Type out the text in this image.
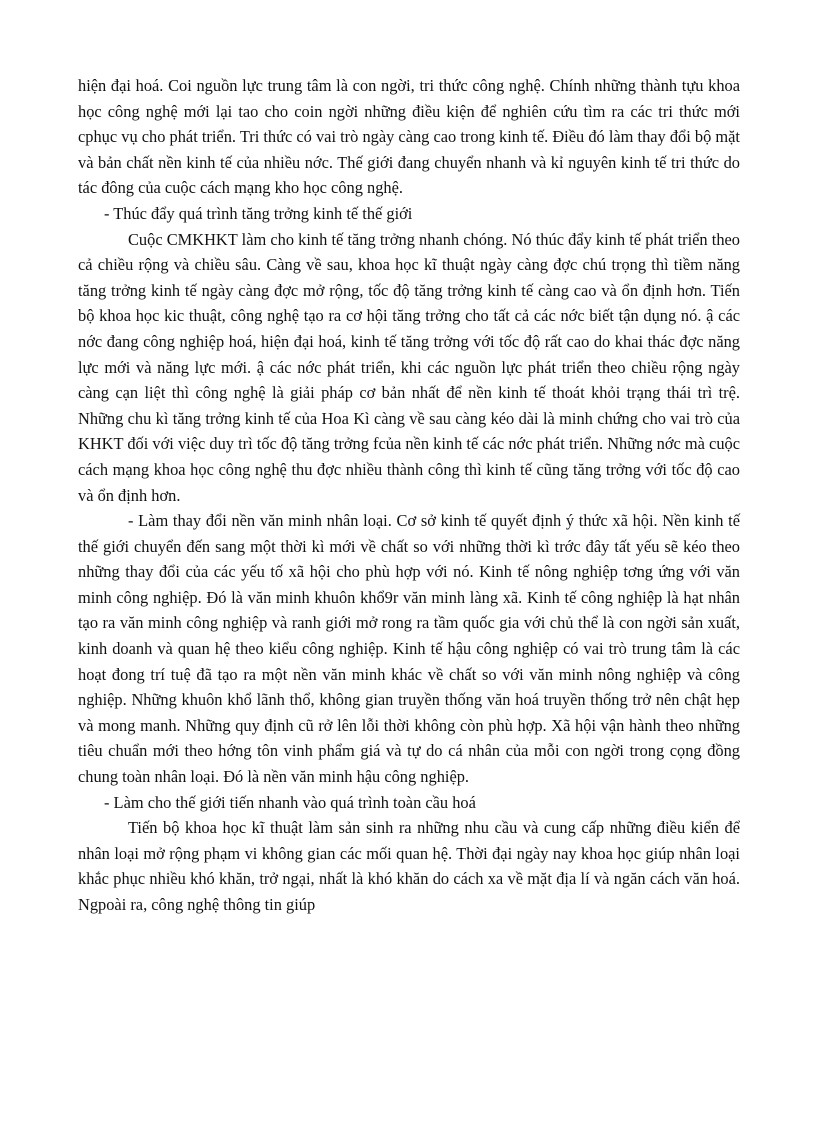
hiện đại hoá. Coi nguồn lực trung tâm là con ngời, tri thức công nghệ. Chính những thành tựu khoa học công nghệ mới lại tao cho coin ngời những điều kiện để nghiên cứu tìm ra các tri thức mới cphục vụ cho phát triển. Tri thức có vai trò ngày càng cao trong kinh tế. Điều đó làm thay đổi bộ mặt và bản chất nền kinh tế của nhiều nớc. Thế giới đang chuyển nhanh và kỉ nguyên kinh tế tri thức do tác đông của cuộc cách mạng kho học công nghệ.

- Thúc đẩy quá trình tăng trởng kinh tế thế giới

Cuộc CMKHKT làm cho kinh tế tăng trởng nhanh chóng. Nó thúc đẩy kinh tế phát triển theo cả chiều rộng và chiều sâu. Càng về sau, khoa học kĩ thuật ngày càng đợc chú trọng thì tiềm năng tăng trởng kinh tế ngày càng đợc mở rộng, tốc độ tăng trởng kinh tế càng cao và ổn định hơn. Tiến bộ khoa học kic thuật, công nghệ tạo ra cơ hội tăng trởng cho tất cả các nớc biết tận dụng nó. ậ các nớc đang công nghiệp hoá, hiện đại hoá, kinh tế tăng trởng với tốc độ rất cao do khai thác đợc năng lực mới và năng lực mới. ậ các nớc phát triển, khi các nguồn lực phát triển theo chiều rộng ngày càng cạn liệt thì công nghệ là giải pháp cơ bản nhất để nền kinh tế thoát khỏi trạng thái trì trệ. Những chu kì tăng trởng kinh tế của Hoa Kì càng về sau càng kéo dài là minh chứng cho vai trò của KHKT đối với việc duy trì tốc độ tăng trởng fcủa nền kinh tế các nớc phát triển. Những nớc mà cuộc cách mạng khoa học công nghệ thu đợc nhiều thành công thì kinh tế cũng tăng trởng với tốc độ cao và ổn định hơn.

- Làm thay đổi nền văn minh nhân loại. Cơ sở kinh tế quyết định ý thức xã hội. Nền kinh tế thế giới chuyển đến sang một thời kì mới về chất so với những thời kì trớc đây tất yếu sẽ kéo theo những thay đổi của các yếu tố xã hội cho phù hợp với nó. Kinh tế nông nghiệp tơng ứng với văn minh công nghiệp. Đó là văn minh khuôn khổ9r văn minh làng xã. Kinh tế công nghiệp là hạt nhân tạo ra văn minh công nghiệp và ranh giới mở rong ra tầm quốc gia với chủ thể là con ngời sản xuất, kinh doanh và quan hệ theo kiểu công nghiệp. Kinh tế hậu công nghiệp có vai trò trung tâm là các hoạt đong trí tuệ đã tạo ra một nền văn minh khác về chất so với văn minh nông nghiệp và công nghiệp. Những khuôn khổ lãnh thổ, không gian truyền thống văn hoá truyền thống trở nên chật hẹp và mong manh. Những quy định cũ rở lên lỗi thời không còn phù hợp. Xã hội vận hành theo những tiêu chuẩn mới theo hớng tôn vinh phẩm giá và tự do cá nhân của mỗi con ngời trong cọng đồng chung toàn nhân loại. Đó là nền văn minh hậu công nghiệp.

- Làm cho thế giới tiến nhanh vào quá trình toàn cầu hoá

Tiến bộ khoa học kĩ thuật làm sản sinh ra những nhu cầu và cung cấp những điều kiển để nhân loại mở rộng phạm vi không gian các mối quan hệ. Thời đại ngày nay khoa học giúp nhân loại khắc phục nhiều khó khăn, trở ngại, nhất là khó khăn do cách xa về mặt địa lí và ngăn cách văn hoá. Ngpoài ra, công nghệ thông tin giúp
